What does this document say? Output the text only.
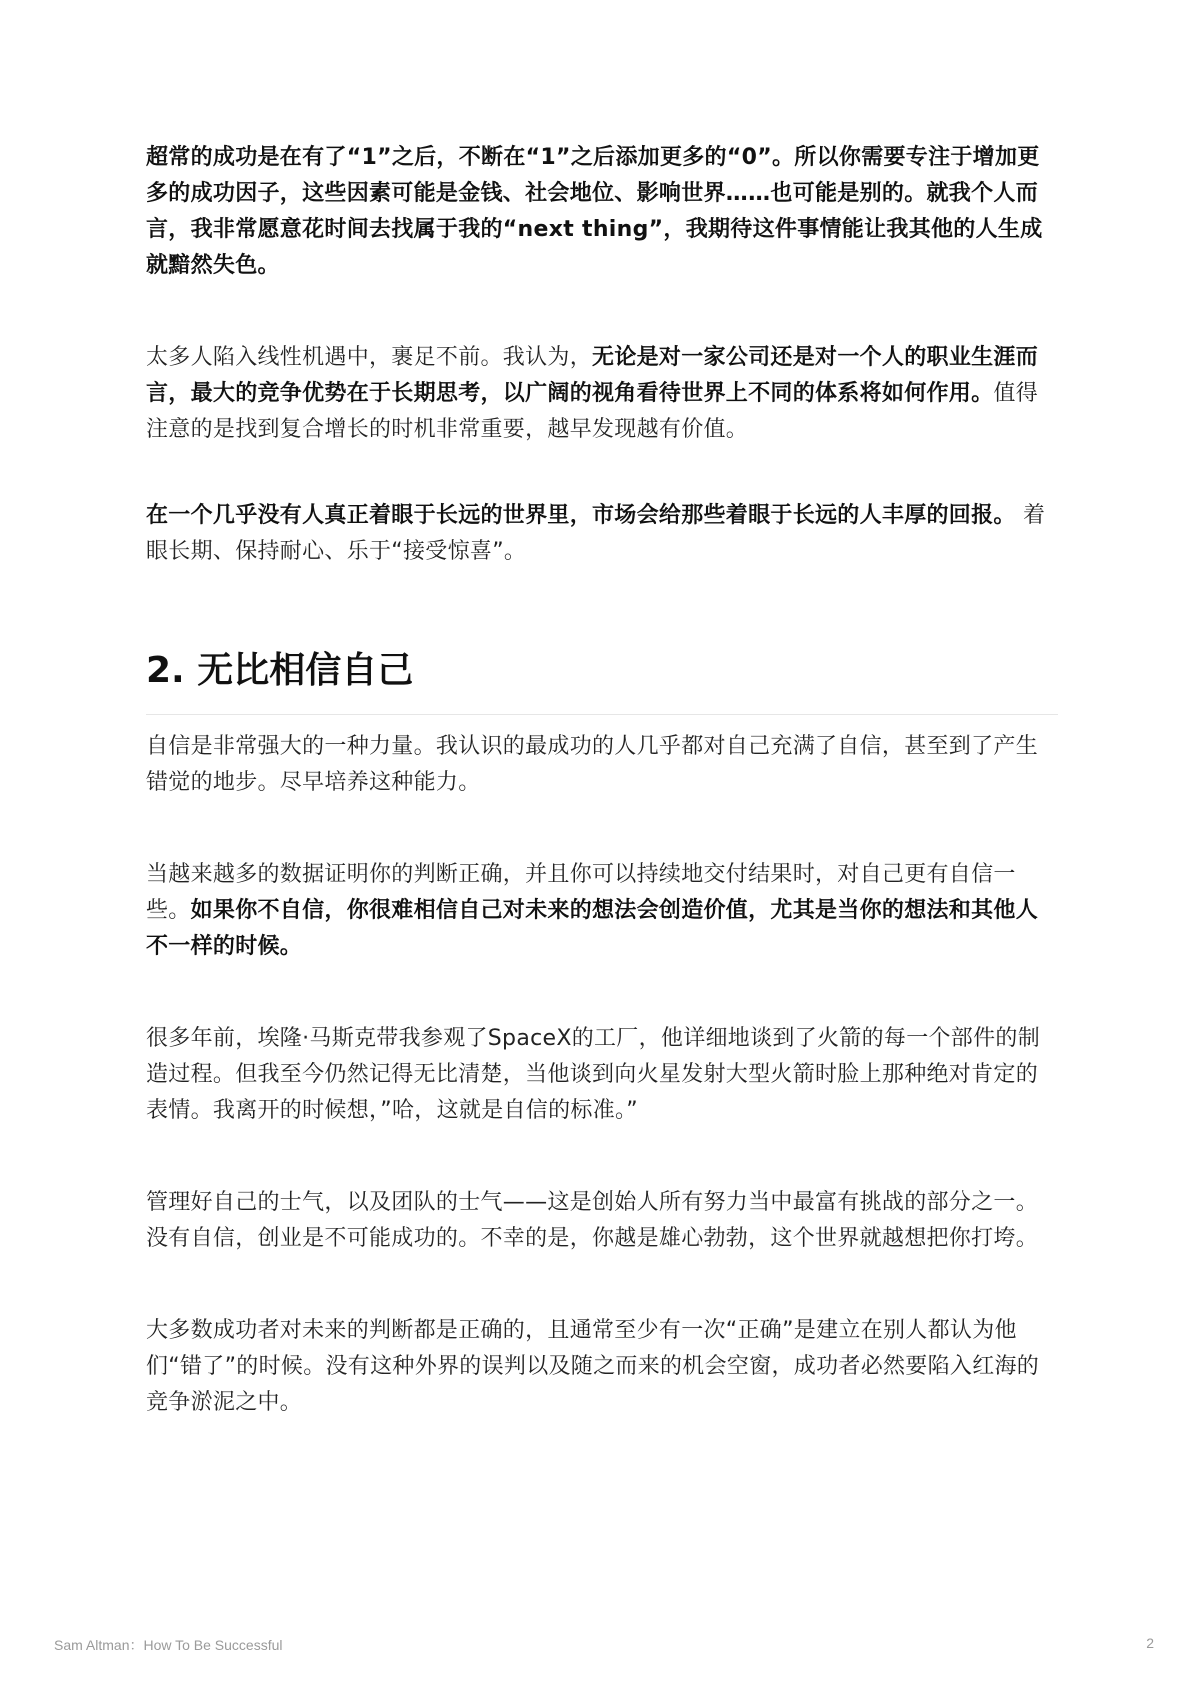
超常的成功是在有了“1”之后，不断在“1”之后添加更多的“0”。所以你需要专注于增加更多的成功因子，这些因素可能是金钱、社会地位、影响世界……也可能是别的。就我个人而言，我非常愿意花时间去找属于我的“next thing”，我期待这件事情能让我其他的人生成就黯然失色。

太多人陷入线性机遇中，裹足不前。我认为，无论是对一家公司还是对一个人的职业生涯而言，最大的竞争优势在于长期思考，以广阔的视角看待世界上不同的体系将如何作用。值得注意的是找到复合增长的时机非常重要，越早发现越有价值。

在一个几乎没有人真正着眼于长远的世界里，市场会给那些着眼于长远的人丰厚的回报。 着眼长期、保持耐心、乐于“接受惊喜”。

2. 无比相信自己

自信是非常强大的一种力量。我认识的最成功的人几乎都对自己充满了自信，甚至到了产生错觉的地步。尽早培养这种能力。

当越来越多的数据证明你的判断正确，并且你可以持续地交付结果时，对自己更有自信一些。如果你不自信，你很难相信自己对未来的想法会创造价值，尤其是当你的想法和其他人不一样的时候。

很多年前，埃隆·马斯克带我参观了SpaceX的工厂，他详细地谈到了火箭的每一个部件的制造过程。但我至今仍然记得无比清楚，当他谈到向火星发射大型火箭时脸上那种绝对肯定的表情。我离开的时候想，”哈，这就是自信的标准。”

管理好自己的士气，以及团队的士气——这是创始人所有努力当中最富有挑战的部分之一。 没有自信，创业是不可能成功的。不幸的是，你越是雄心勃勃，这个世界就越想把你打垮。

大多数成功者对未来的判断都是正确的，且通常至少有一次“正确”是建立在别人都认为他们“错了”的时候。没有这种外界的误判以及随之而来的机会空窗，成功者必然要陷入红海的竞争淤泥之中。

Sam Altman：How To Be Successful	2
